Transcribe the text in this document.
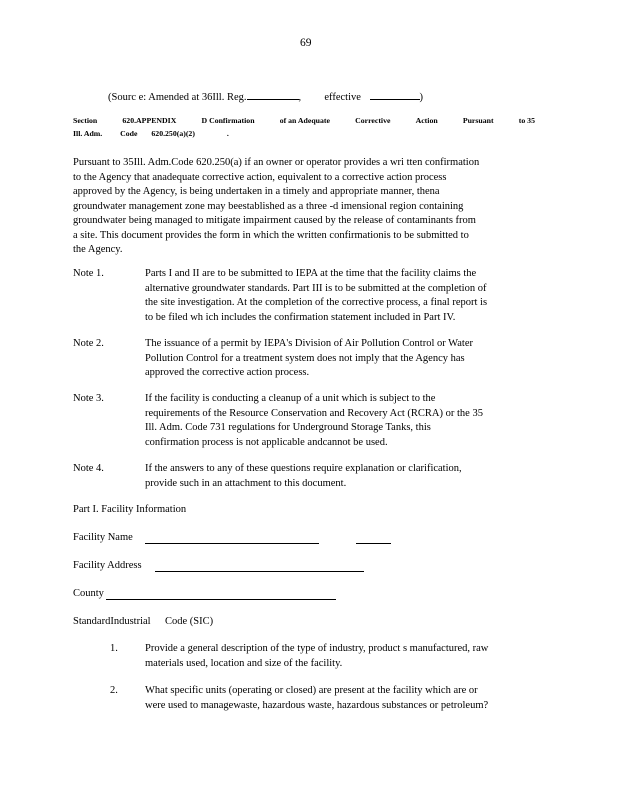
69
(Sourc e: Amended at 36Ill. Reg.	, effective	)
Section	620.APPENDIX	D Confirmation	of an Adequate	Corrective	Action	Pursuant	to 35
Ill. Adm. Code 620.250(a)(2)	.
Pursuant to 35Ill. Adm.Code 620.250(a) if an owner or operator provides a wri tten confirmation
to the Agency that anadequate corrective action, equivalent to a corrective action process
approved by the Agency, is being undertaken in a timely and appropriate manner, thena
groundwater management zone may beestablished as a three -d imensional region containing
groundwater being managed to mitigate impairment caused by the release of contaminants from
a site. This document provides the form in which the written confirmationis to be submitted to
the Agency.
Note 1.	Parts I and II are to be submitted to IEPA at the time that the facility claims the
alternative groundwater standards. Part III is to be submitted at the completion of
the site investigation. At the completion of the corrective process, a final report is
to be filed wh ich includes the confirmation statement included in Part IV.
Note 2.	The issuance of a permit by IEPA's Division of Air Pollution Control or Water
Pollution Control for a treatment system does not imply that the Agency has
approved the corrective action process.
Note 3.	If the facility is conducting a cleanup of a unit which is subject to the
requirements of the Resource Conservation and Recovery Act (RCRA) or the 35
Ill. Adm. Code 731 regulations for Underground Storage Tanks, this
confirmation process is not applicable andcannot be used.
Note 4.	If the answers to any of these questions require explanation or clarification,
provide such in an attachment to this document.
Part I. Facility Information
Facility Name
Facility Address
County
StandardIndustrial Code (SIC)
1.	Provide a general description of the type of industry, product s manufactured, raw
materials used, location and size of the facility.
2.	What specific units (operating or closed) are present at the facility which are or
were used to managewaste, hazardous waste, hazardous substances or petroleum?
